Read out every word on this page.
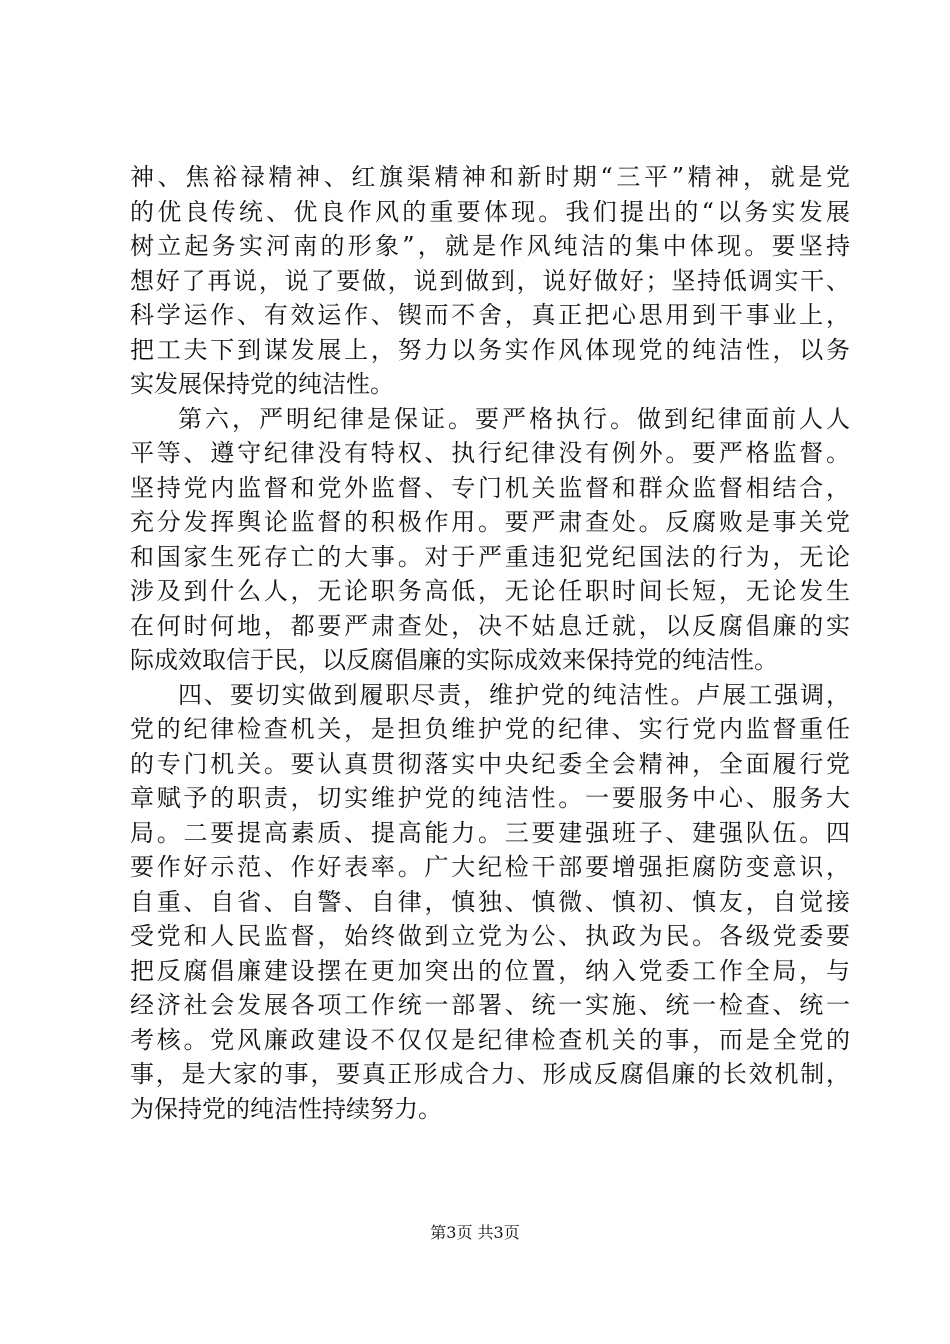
神、焦裕禄精神、红旗渠精神和新时期“三平”精神，就是党
的优良传统、优良作风的重要体现。我们提出的“以务实发展
树立起务实河南的形象”，就是作风纯洁的集中体现。要坚持
想好了再说，说了要做，说到做到，说好做好；坚持低调实干、
科学运作、有效运作、锲而不舍，真正把心思用到干事业上，
把工夫下到谋发展上，努力以务实作风体现党的纯洁性，以务
实发展保持党的纯洁性。
第六，严明纪律是保证。要严格执行。做到纪律面前人人
平等、遵守纪律没有特权、执行纪律没有例外。要严格监督。
坚持党内监督和党外监督、专门机关监督和群众监督相结合，
充分发挥舆论监督的积极作用。要严肃查处。反腐败是事关党
和国家生死存亡的大事。对于严重违犯党纪国法的行为，无论
涉及到什么人，无论职务高低，无论任职时间长短，无论发生
在何时何地，都要严肃查处，决不姑息迁就，以反腐倡廉的实
际成效取信于民，以反腐倡廉的实际成效来保持党的纯洁性。
四、要切实做到履职尽责，维护党的纯洁性。卢展工强调，
党的纪律检查机关，是担负维护党的纪律、实行党内监督重任
的专门机关。要认真贯彻落实中央纪委全会精神，全面履行党
章赋予的职责，切实维护党的纯洁性。一要服务中心、服务大
局。二要提高素质、提高能力。三要建强班子、建强队伍。四
要作好示范、作好表率。广大纪检干部要增强拒腐防变意识，
自重、自省、自警、自律，慎独、慎微、慎初、慎友，自觉接
受党和人民监督，始终做到立党为公、执政为民。各级党委要
把反腐倡廉建设摆在更加突出的位置，纳入党委工作全局，与
经济社会发展各项工作统一部署、统一实施、统一检查、统一
考核。党风廉政建设不仅仅是纪律检查机关的事，而是全党的
事，是大家的事，要真正形成合力、形成反腐倡廉的长效机制，
为保持党的纯洁性持续努力。
第3页 共3页
